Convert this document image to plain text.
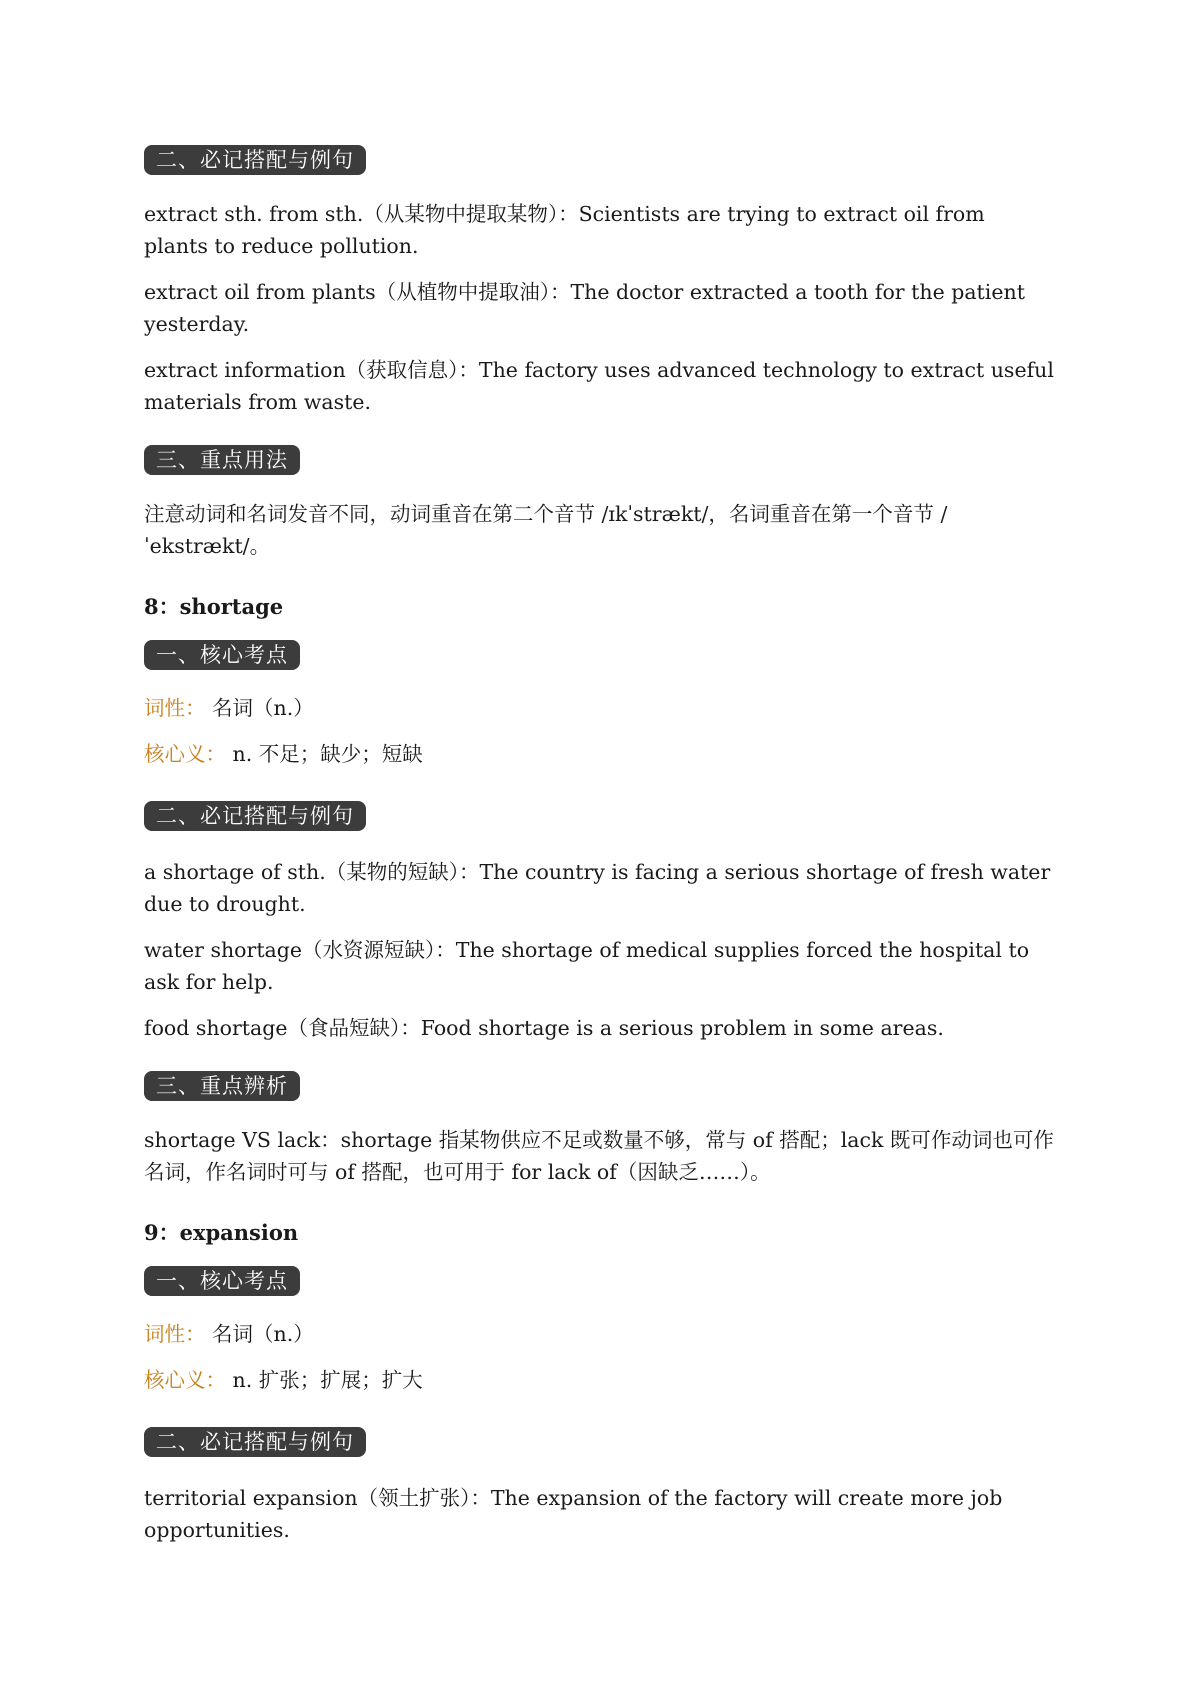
二、必记搭配与例句

extract sth. from sth.（从某物中提取某物）：Scientists are trying to extract oil from plants to reduce pollution.

extract oil from plants（从植物中提取油）：The doctor extracted a tooth for the patient yesterday.

extract information（获取信息）：The factory uses advanced technology to extract useful materials from waste.

三、重点用法

注意动词和名词发音不同，动词重音在第二个音节 /ɪkˈstrækt/，名词重音在第一个音节 /ˈekstrækt/。

8：shortage
一、核心考点
词性： 名词（n.）
核心义： n. 不足；缺少；短缺
二、必记搭配与例句

a shortage of sth.（某物的短缺）：The country is facing a serious shortage of fresh water due to drought.

water shortage（水资源短缺）：The shortage of medical supplies forced the hospital to ask for help.

food shortage（食品短缺）：Food shortage is a serious problem in some areas.

三、重点辨析

shortage VS lack：shortage 指某物供应不足或数量不够，常与 of 搭配；lack 既可作动词也可作名词，作名词时可与 of 搭配，也可用于 for lack of（因缺乏……）。

9：expansion
一、核心考点
词性： 名词（n.）
核心义： n. 扩张；扩展；扩大
二、必记搭配与例句

territorial expansion（领土扩张）：The expansion of the factory will create more job opportunities.
